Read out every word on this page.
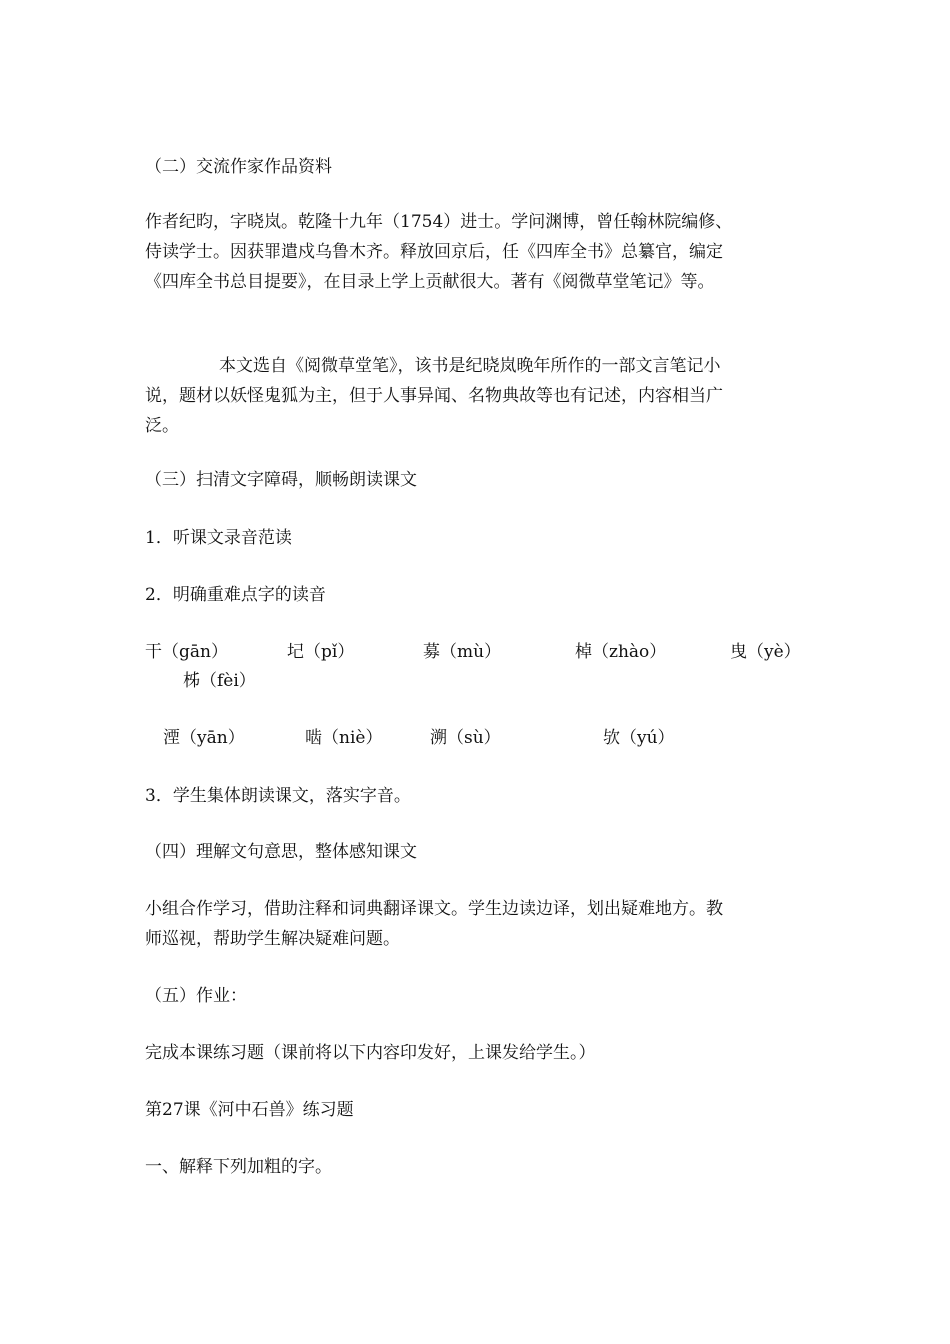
（二）交流作家作品资料
作者纪昀，字晓岚。乾隆十九年（1754）进士。学问渊博，曾任翰林院编修、
侍读学士。因获罪遣戍乌鲁木齐。释放回京后，任《四库全书》总纂官，编定
《四库全书总目提要》，在目录上学上贡献很大。著有《阅微草堂笔记》等。
本文选自《阅微草堂笔》，该书是纪晓岚晚年所作的一部文言笔记小
说，题材以妖怪鬼狐为主，但于人事异闻、名物典故等也有记述，内容相当广
泛。
（三）扫清文字障碍，顺畅朗读课文
1．听课文录音范读
2．明确重难点字的读音
干（gān）	圮（pǐ）	募（mù）	棹（zhào）	曳（yè）
柹（fèi）
湮（yān）	啮（niè）	溯（sù）	欤（yú）
3．学生集体朗读课文，落实字音。
（四）理解文句意思，整体感知课文
小组合作学习，借助注释和词典翻译课文。学生边读边译，划出疑难地方。教
师巡视，帮助学生解决疑难问题。
（五）作业：
完成本课练习题（课前将以下内容印发好，上课发给学生。）
第27课《河中石兽》练习题
一、解释下列加粗的字。
